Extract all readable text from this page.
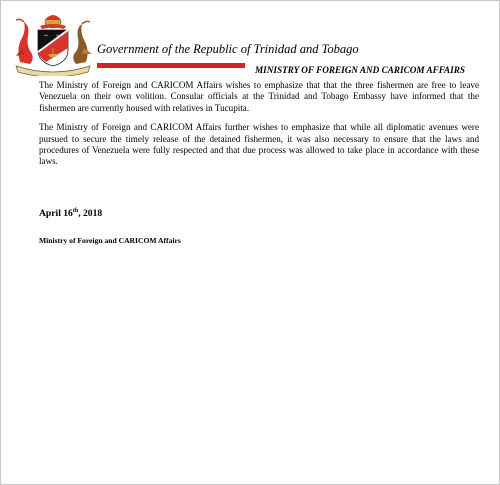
Government of the Republic of Trinidad and Tobago
MINISTRY OF FOREIGN AND CARICOM AFFAIRS

The Ministry of Foreign and CARICOM Affairs wishes to emphasize that that the three fishermen are free to leave Venezuela on their own volition. Consular officials at the Trinidad and Tobago Embassy have informed that the fishermen are currently housed with relatives in Tucupita.

The Ministry of Foreign and CARICOM Affairs further wishes to emphasize that while all diplomatic avenues were pursued to secure the timely release of the detained fishermen, it was also necessary to ensure that the laws and procedures of Venezuela were fully respected and that due process was allowed to take place in accordance with these laws.

April 16th, 2018
Ministry of Foreign and CARICOM Affairs
